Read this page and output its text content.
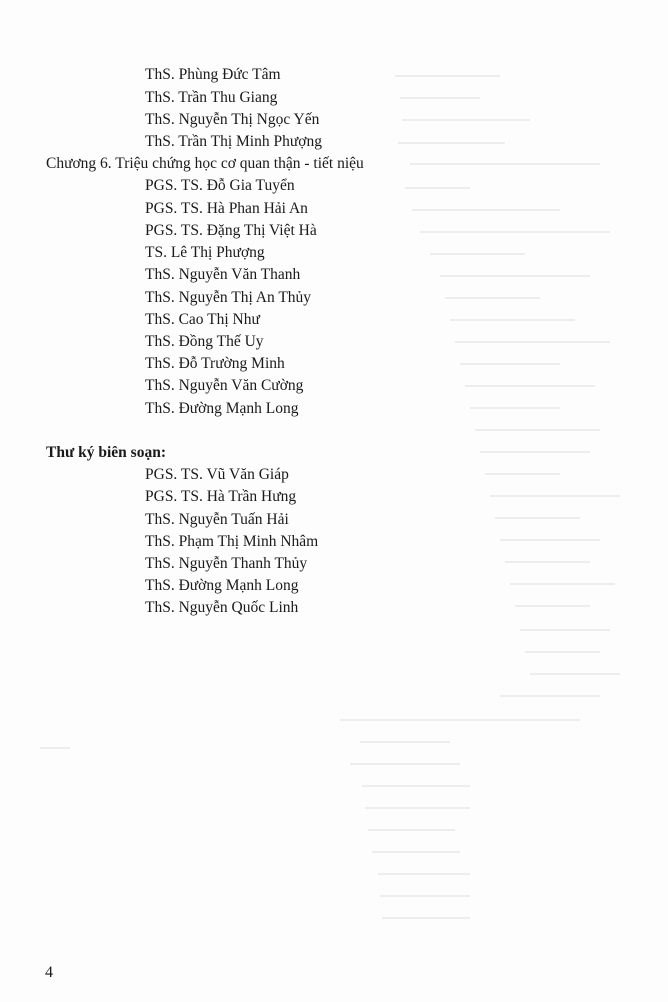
ThS. Phùng Đức Tâm
ThS. Trần Thu Giang
ThS. Nguyễn Thị Ngọc Yến
ThS. Trần Thị Minh Phượng
Chương 6. Triệu chứng học cơ quan thận - tiết niệu
PGS. TS. Đỗ Gia Tuyển
PGS. TS. Hà Phan Hải An
PGS. TS. Đặng Thị Việt Hà
TS. Lê Thị Phượng
ThS. Nguyễn Văn Thanh
ThS. Nguyễn Thị An Thủy
ThS. Cao Thị Như
ThS. Đồng Thế Uy
ThS. Đỗ Trường Minh
ThS. Nguyễn Văn Cường
ThS. Đường Mạnh Long
Thư ký biên soạn:
PGS. TS. Vũ Văn Giáp
PGS. TS. Hà Trần Hưng
ThS. Nguyễn Tuấn Hải
ThS. Phạm Thị Minh Nhâm
ThS. Nguyễn Thanh Thủy
ThS. Đường Mạnh Long
ThS. Nguyễn Quốc Linh
4
